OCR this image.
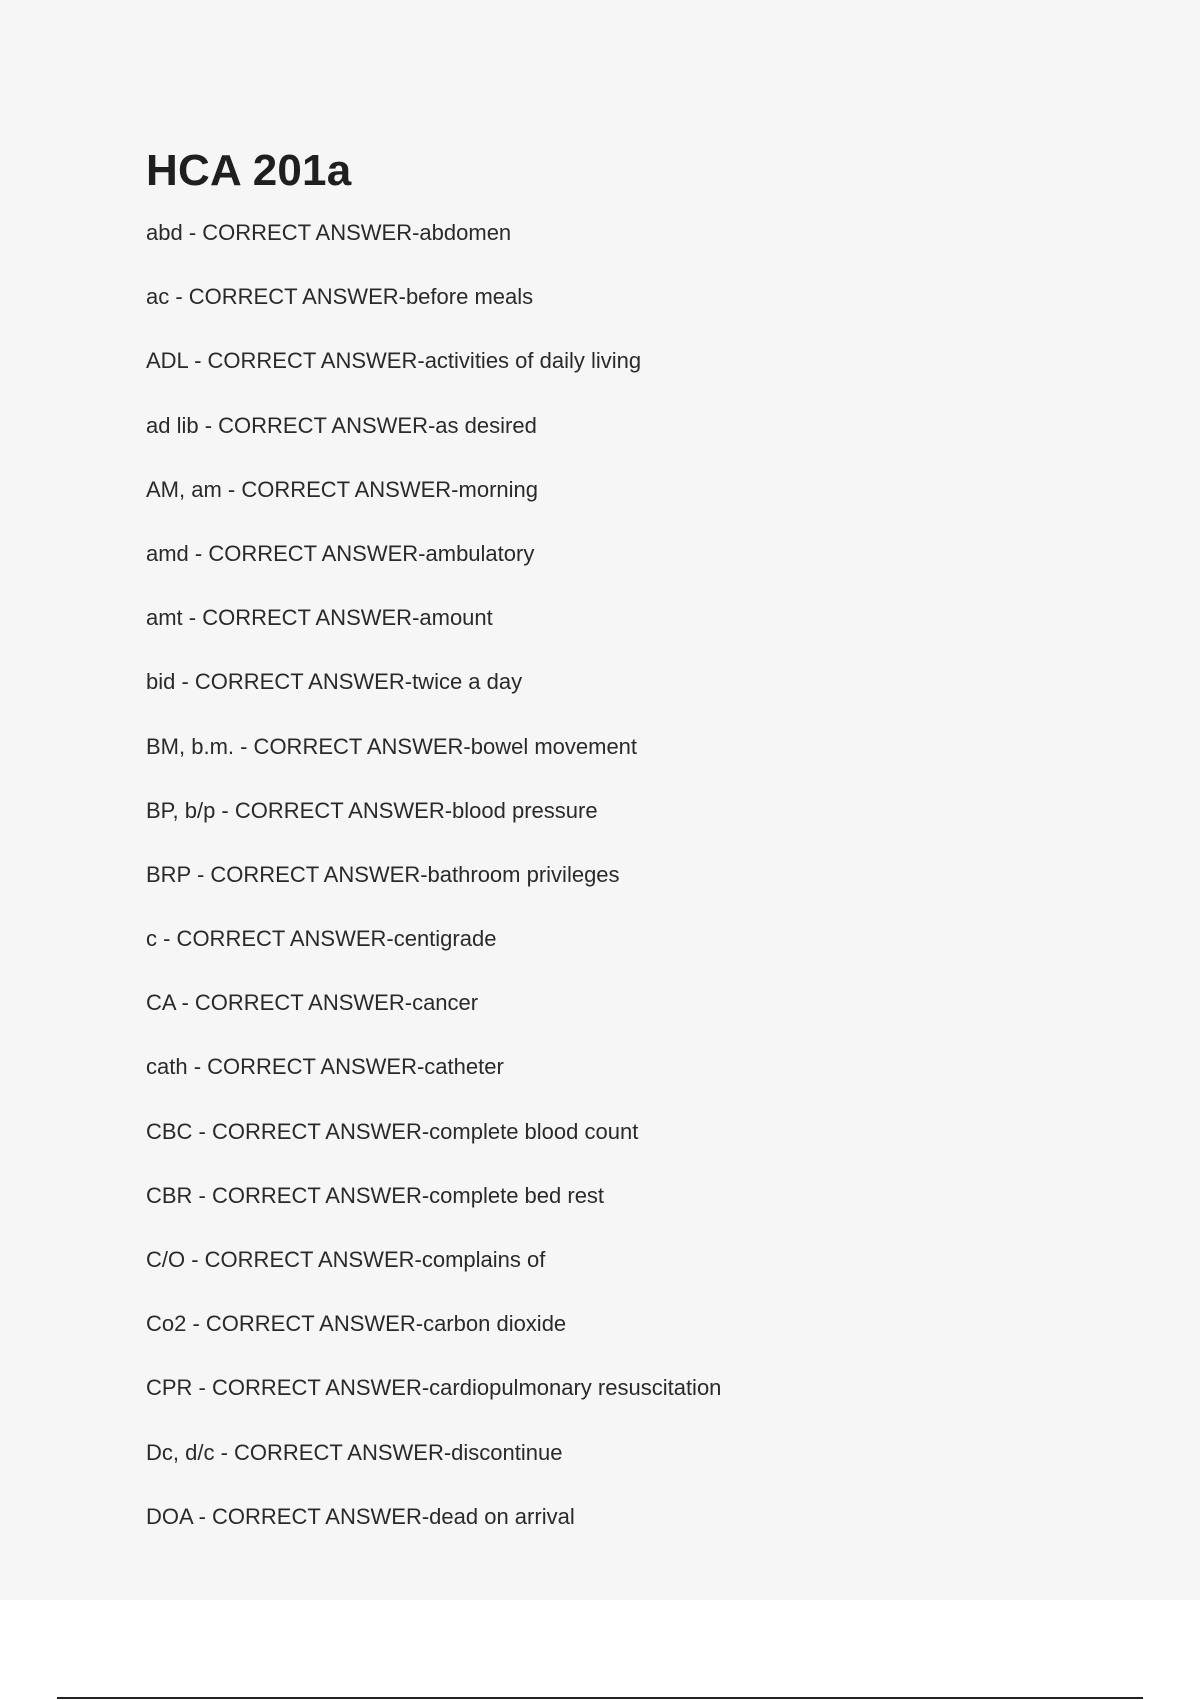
HCA 201a
abd - CORRECT ANSWER-abdomen
ac - CORRECT ANSWER-before meals
ADL - CORRECT ANSWER-activities of daily living
ad lib - CORRECT ANSWER-as desired
AM, am - CORRECT ANSWER-morning
amd - CORRECT ANSWER-ambulatory
amt - CORRECT ANSWER-amount
bid - CORRECT ANSWER-twice a day
BM, b.m. - CORRECT ANSWER-bowel movement
BP, b/p - CORRECT ANSWER-blood pressure
BRP - CORRECT ANSWER-bathroom privileges
c - CORRECT ANSWER-centigrade
CA - CORRECT ANSWER-cancer
cath - CORRECT ANSWER-catheter
CBC - CORRECT ANSWER-complete blood count
CBR - CORRECT ANSWER-complete bed rest
C/O - CORRECT ANSWER-complains of
Co2 - CORRECT ANSWER-carbon dioxide
CPR - CORRECT ANSWER-cardiopulmonary resuscitation
Dc, d/c - CORRECT ANSWER-discontinue
DOA - CORRECT ANSWER-dead on arrival
